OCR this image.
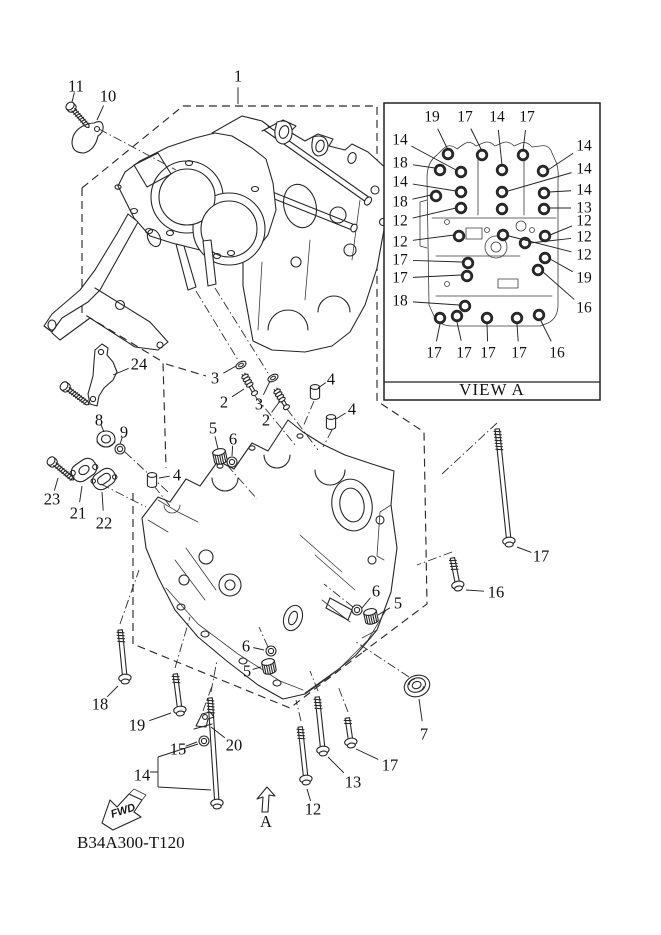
1
11
10
24
8
9
23
21
22
3
2 3
2
4
4
5
6
4
6
5
6
5
17
16
18
19
15
14
20
12
13
17
7
VIEW A
19 17 14 17
14
18
14
18
12
12
17
17
18
14
14
14
13
12
12
12
19
16
17 17 17 17 16
FWD
A
B34A300-T120
